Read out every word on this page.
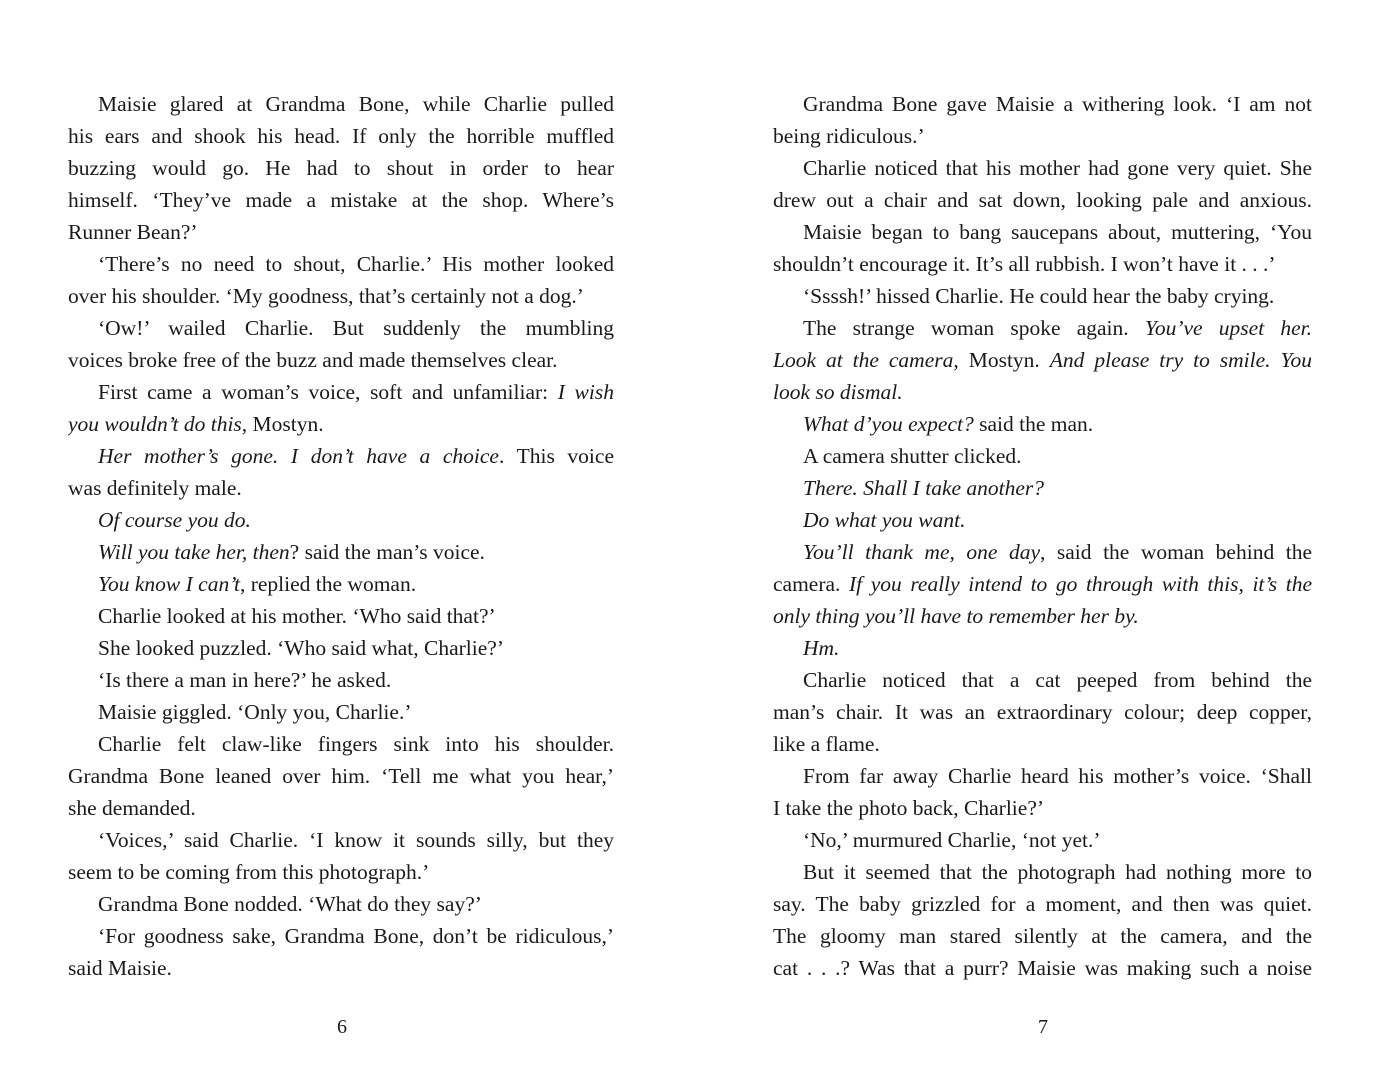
Maisie glared at Grandma Bone, while Charlie pulled
his ears and shook his head. If only the horrible muffled
buzzing would go. He had to shout in order to hear
himself. ‘They’ve made a mistake at the shop. Where’s
Runner Bean?’
‘There’s no need to shout, Charlie.’ His mother looked
over his shoulder. ‘My goodness, that’s certainly not a dog.’
‘Ow!’ wailed Charlie. But suddenly the mumbling
voices broke free of the buzz and made themselves clear.
First came a woman’s voice, soft and unfamiliar: I wish
you wouldn’t do this, Mostyn.
Her mother’s gone. I don’t have a choice. This voice
was definitely male.
Of course you do.
Will you take her, then? said the man’s voice.
You know I can’t, replied the woman.
Charlie looked at his mother. ‘Who said that?’
She looked puzzled. ‘Who said what, Charlie?’
‘Is there a man in here?’ he asked.
Maisie giggled. ‘Only you, Charlie.’
Charlie felt claw-like fingers sink into his shoulder.
Grandma Bone leaned over him. ‘Tell me what you hear,’
she demanded.
‘Voices,’ said Charlie. ‘I know it sounds silly, but they
seem to be coming from this photograph.’
Grandma Bone nodded. ‘What do they say?’
‘For goodness sake, Grandma Bone, don’t be ridiculous,’
said Maisie.
Grandma Bone gave Maisie a withering look. ‘I am not
being ridiculous.’
Charlie noticed that his mother had gone very quiet. She
drew out a chair and sat down, looking pale and anxious.
Maisie began to bang saucepans about, muttering, ‘You
shouldn’t encourage it. It’s all rubbish. I won’t have it . . .’
‘Ssssh!’ hissed Charlie. He could hear the baby crying.
The strange woman spoke again. You’ve upset her.
Look at the camera, Mostyn. And please try to smile. You
look so dismal.
What d’you expect? said the man.
A camera shutter clicked.
There. Shall I take another?
Do what you want.
You’ll thank me, one day, said the woman behind the
camera. If you really intend to go through with this, it’s the
only thing you’ll have to remember her by.
Hm.
Charlie noticed that a cat peeped from behind the
man’s chair. It was an extraordinary colour; deep copper,
like a flame.
From far away Charlie heard his mother’s voice. ‘Shall
I take the photo back, Charlie?’
‘No,’ murmured Charlie, ‘not yet.’
But it seemed that the photograph had nothing more to
say. The baby grizzled for a moment, and then was quiet.
The gloomy man stared silently at the camera, and the
cat . . .? Was that a purr? Maisie was making such a noise
6	7
